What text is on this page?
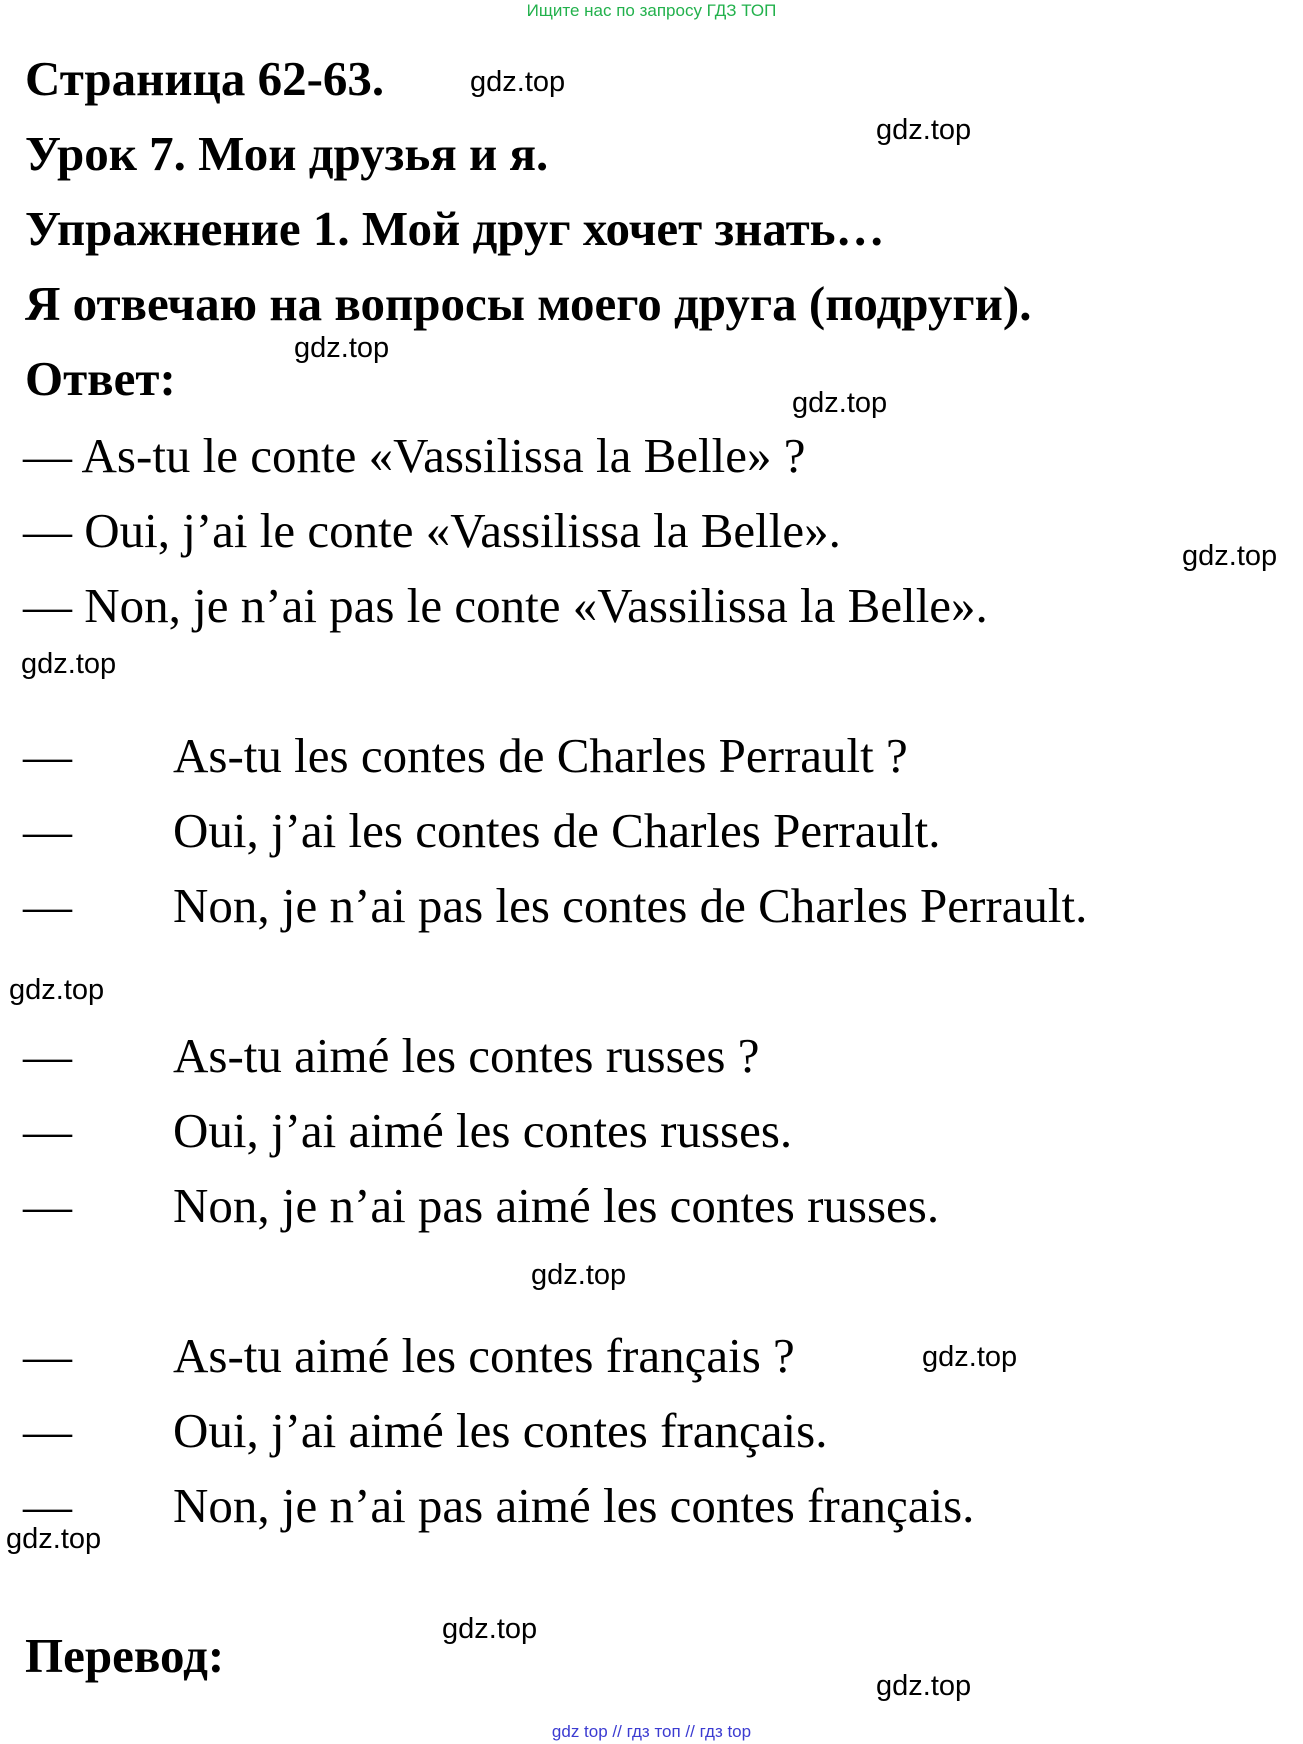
Ищите нас по запросу ГДЗ ТОП
Страница 62-63.
Урок 7. Мои друзья и я.
Упражнение 1. Мой друг хочет знать…
Я отвечаю на вопросы моего друга (подруги).
Ответ:
— As-tu le conte «Vassilissa la Belle» ?
— Oui, j’ai le conte «Vassilissa la Belle».
— Non, je n’ai pas le conte «Vassilissa la Belle».
— As-tu les contes de Charles Perrault ?
— Oui, j’ai les contes de Charles Perrault.
— Non, je n’ai pas les contes de Charles Perrault.
— As-tu aimé les contes russes ?
— Oui, j’ai aimé les contes russes.
— Non, je n’ai pas aimé les contes russes.
— As-tu aimé les contes français ?
— Oui, j’ai aimé les contes français.
— Non, je n’ai pas aimé les contes français.
Перевод:
gdz.top
gdz.top
gdz.top
gdz.top
gdz.top
gdz.top
gdz.top
gdz.top
gdz.top
gdz.top
gdz.top
gdz.top
gdz top // гдз топ // гдз top
